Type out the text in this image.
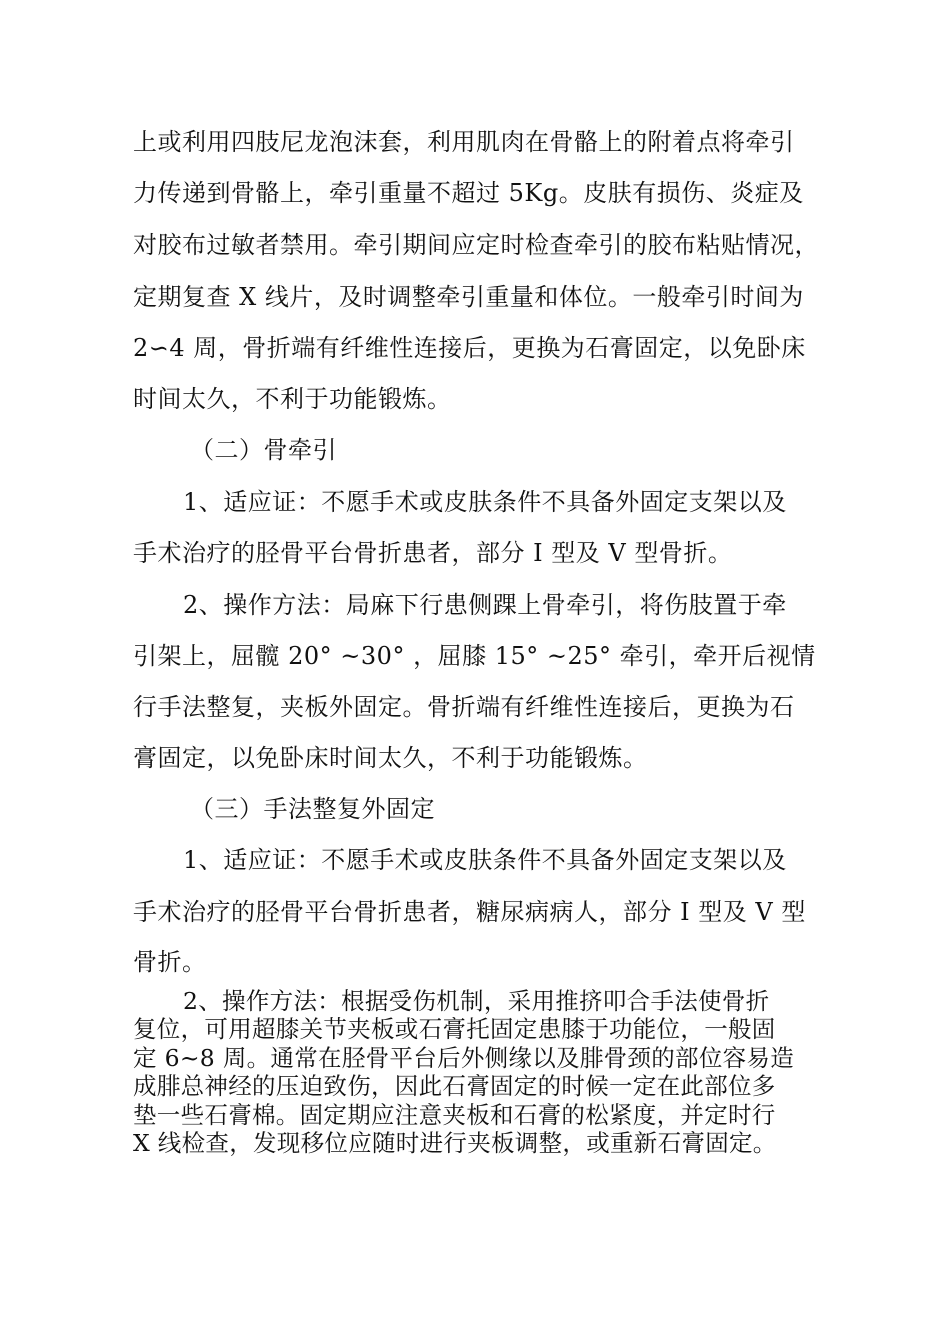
上或利用四肢尼龙泡沫套，利用肌肉在骨骼上的附着点将牵引
力传递到骨骼上，牵引重量不超过 5Kg。皮肤有损伤、炎症及
对胶布过敏者禁用。牵引期间应定时检查牵引的胶布粘贴情况，
定期复查 X 线片，及时调整牵引重量和体位。一般牵引时间为
2∽4 周，骨折端有纤维性连接后，更换为石膏固定，以免卧床
时间太久，不利于功能锻炼。
（二）骨牵引
1、适应证：不愿手术或皮肤条件不具备外固定支架以及
手术治疗的胫骨平台骨折患者，部分 I 型及 V 型骨折。
2、操作方法：局麻下行患侧踝上骨牵引，将伤肢置于牵
引架上，屈髋 20° ~30° ，屈膝 15° ~25° 牵引，牵开后视情
行手法整复，夹板外固定。骨折端有纤维性连接后，更换为石
膏固定，以免卧床时间太久，不利于功能锻炼。
（三）手法整复外固定
1、适应证：不愿手术或皮肤条件不具备外固定支架以及
手术治疗的胫骨平台骨折患者，糖尿病病人，部分 I 型及 V 型
骨折。
2、操作方法：根据受伤机制，采用推挤叩合手法使骨折
复位，可用超膝关节夹板或石膏托固定患膝于功能位，一般固
定 6~8 周。通常在胫骨平台后外侧缘以及腓骨颈的部位容易造
成腓总神经的压迫致伤，因此石膏固定的时候一定在此部位多
垫一些石膏棉。固定期应注意夹板和石膏的松紧度，并定时行
X 线检查，发现移位应随时进行夹板调整，或重新石膏固定。
